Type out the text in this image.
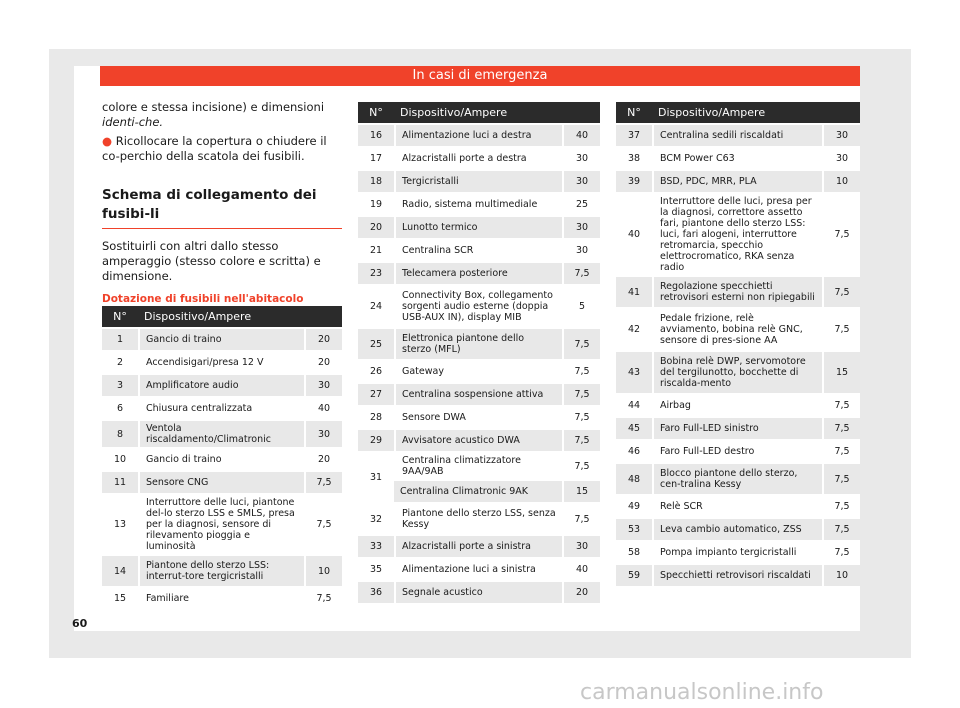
In casi di emergenza

colore e stessa incisione) e dimensioni identi-che.

● Ricollocare la copertura o chiudere il co-perchio della scatola dei fusibili.

Schema di collegamento dei fusibi-li

Sostituirli con altri dallo stesso amperaggio (stesso colore e scritta) e dimensione.

Dotazione di fusibili nell'abitacolo
N°	Dispositivo/Ampere	
1	Gancio di traino	20
2	Accendisigari/presa 12 V	20
3	Amplificatore audio	30
6	Chiusura centralizzata	40
8	Ventola riscaldamento/Climatronic	30
10	Gancio di traino	20
11	Sensore CNG	7,5
13	Interruttore delle luci, piantone del-lo sterzo LSS e SMLS, presa per la diagnosi, sensore di rilevamento pioggia e luminosità	7,5
14	Piantone dello sterzo LSS: interrut-tore tergicristalli	10
15	Familiare	7,5
N°	Dispositivo/Ampere	
16	Alimentazione luci a destra	40
17	Alzacristalli porte a destra	30
18	Tergicristalli	30
19	Radio, sistema multimediale	25
20	Lunotto termico	30
21	Centralina SCR	30
23	Telecamera posteriore	7,5
24	Connectivity Box, collegamento sorgenti audio esterne (doppia USB-AUX IN), display MIB	5
25	Elettronica piantone dello sterzo (MFL)	7,5
26	Gateway	7,5
27	Centralina sospensione attiva	7,5
28	Sensore DWA	7,5
29	Avvisatore acustico DWA	7,5
31	Centralina climatizzatore 9AA/9AB	7,5
	Centralina Climatronic 9AK	15
32	Piantone dello sterzo LSS, senza Kessy	7,5
33	Alzacristalli porte a sinistra	30
35	Alimentazione luci a sinistra	40
36	Segnale acustico	20
N°	Dispositivo/Ampere	
37	Centralina sedili riscaldati	30
38	BCM Power C63	30
39	BSD, PDC, MRR, PLA	10
40	Interruttore delle luci, presa per la diagnosi, correttore assetto fari, piantone dello sterzo LSS: luci, fari alogeni, interruttore retromarcia, specchio elettrocromatico, RKA senza radio	7,5
41	Regolazione specchietti retrovisori esterni non ripiegabili	7,5
42	Pedale frizione, relè avviamento, bobina relè GNC, sensore di pres-sione AA	7,5
43	Bobina relè DWP, servomotore del tergilunotto, bocchette di riscalda-mento	15
44	Airbag	7,5
45	Faro Full-LED sinistro	7,5
46	Faro Full-LED destro	7,5
48	Blocco piantone dello sterzo, cen-tralina Kessy	7,5
49	Relè SCR	7,5
53	Leva cambio automatico, ZSS	7,5
58	Pompa impianto tergicristalli	7,5
59	Specchietti retrovisori riscaldati	10
60
carmanualsonline.info
